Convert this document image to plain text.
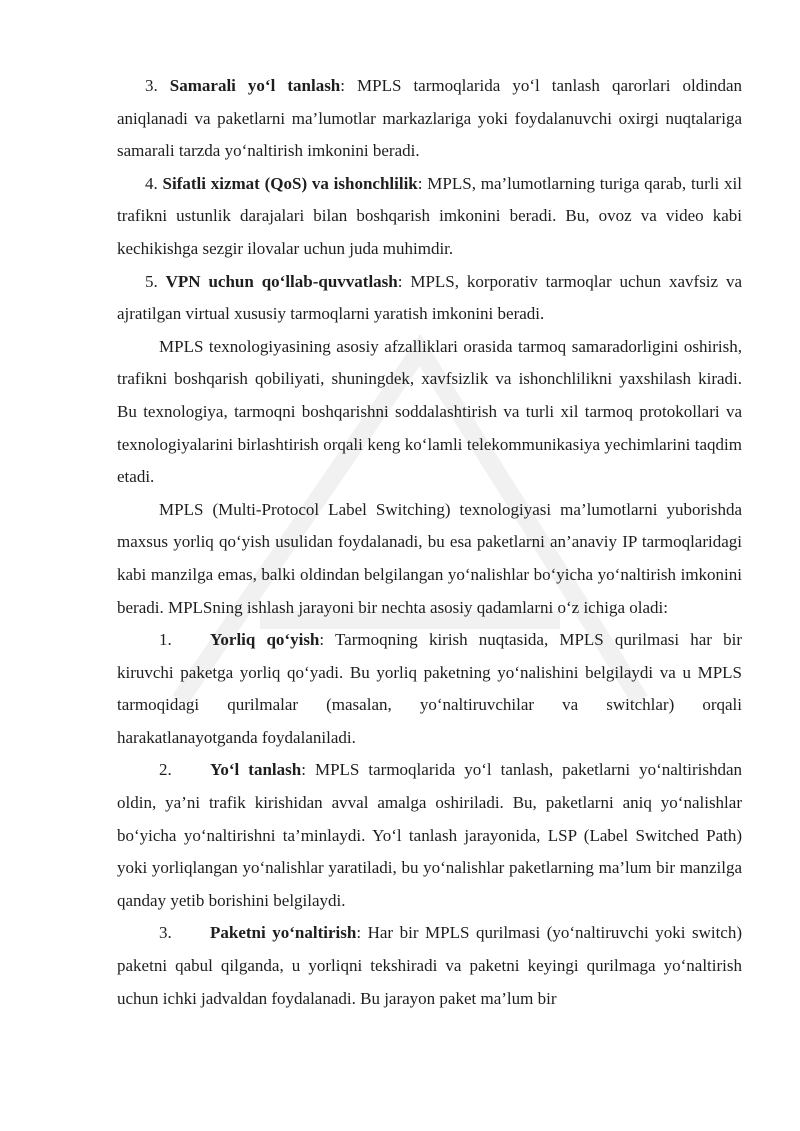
3. Samarali yo‘l tanlash: MPLS tarmoqlarida yo‘l tanlash qarorlari oldindan aniqlanadi va paketlarni ma’lumotlar markazlariga yoki foydalanuvchi oxirgi nuqtalariga samarali tarzda yo‘naltirish imkonini beradi.

4. Sifatli xizmat (QoS) va ishonchlilik: MPLS, ma’lumotlarning turiga qarab, turli xil trafikni ustunlik darajalari bilan boshqarish imkonini beradi. Bu, ovoz va video kabi kechikishga sezgir ilovalar uchun juda muhimdir.

5. VPN uchun qo‘llab-quvvatlash: MPLS, korporativ tarmoqlar uchun xavfsiz va ajratilgan virtual xususiy tarmoqlarni yaratish imkonini beradi.

MPLS texnologiyasining asosiy afzalliklari orasida tarmoq samaradorligini oshirish, trafikni boshqarish qobiliyati, shuningdek, xavfsizlik va ishonchlilikni yaxshilash kiradi. Bu texnologiya, tarmoqni boshqarishni soddalashtirish va turli xil tarmoq protokollari va texnologiyalarini birlashtirish orqali keng ko‘lamli telekommunikasiya yechimlarini taqdim etadi.

MPLS (Multi-Protocol Label Switching) texnologiyasi ma’lumotlarni yuborishda maxsus yorliq qo‘yish usulidan foydalanadi, bu esa paketlarni an’anaviy IP tarmoqlaridagi kabi manzilga emas, balki oldindan belgilangan yo‘nalishlar bo‘yicha yo‘naltirish imkonini beradi. MPLSning ishlash jarayoni bir nechta asosiy qadamlarni o‘z ichiga oladi:

1. Yorliq qo‘yish: Tarmoqning kirish nuqtasida, MPLS qurilmasi har bir kiruvchi paketga yorliq qo‘yadi. Bu yorliq paketning yo‘nalishini belgilaydi va u MPLS tarmoqidagi qurilmalar (masalan, yo‘naltiruvchilar va switchlar) orqali harakatlanayotganda foydalaniladi.

2. Yo‘l tanlash: MPLS tarmoqlarida yo‘l tanlash, paketlarni yo‘naltirishdan oldin, ya’ni trafik kirishidan avval amalga oshiriladi. Bu, paketlarni aniq yo‘nalishlar bo‘yicha yo‘naltirishni ta’minlaydi. Yo‘l tanlash jarayonida, LSP (Label Switched Path) yoki yorliqlangan yo‘nalishlar yaratiladi, bu yo‘nalishlar paketlarning ma’lum bir manzilga qanday yetib borishini belgilaydi.

3. Paketni yo‘naltirish: Har bir MPLS qurilmasi (yo‘naltiruvchi yoki switch) paketni qabul qilganda, u yorliqni tekshiradi va paketni keyingi qurilmaga yo‘naltirish uchun ichki jadvaldan foydalanadi. Bu jarayon paket ma’lum bir
